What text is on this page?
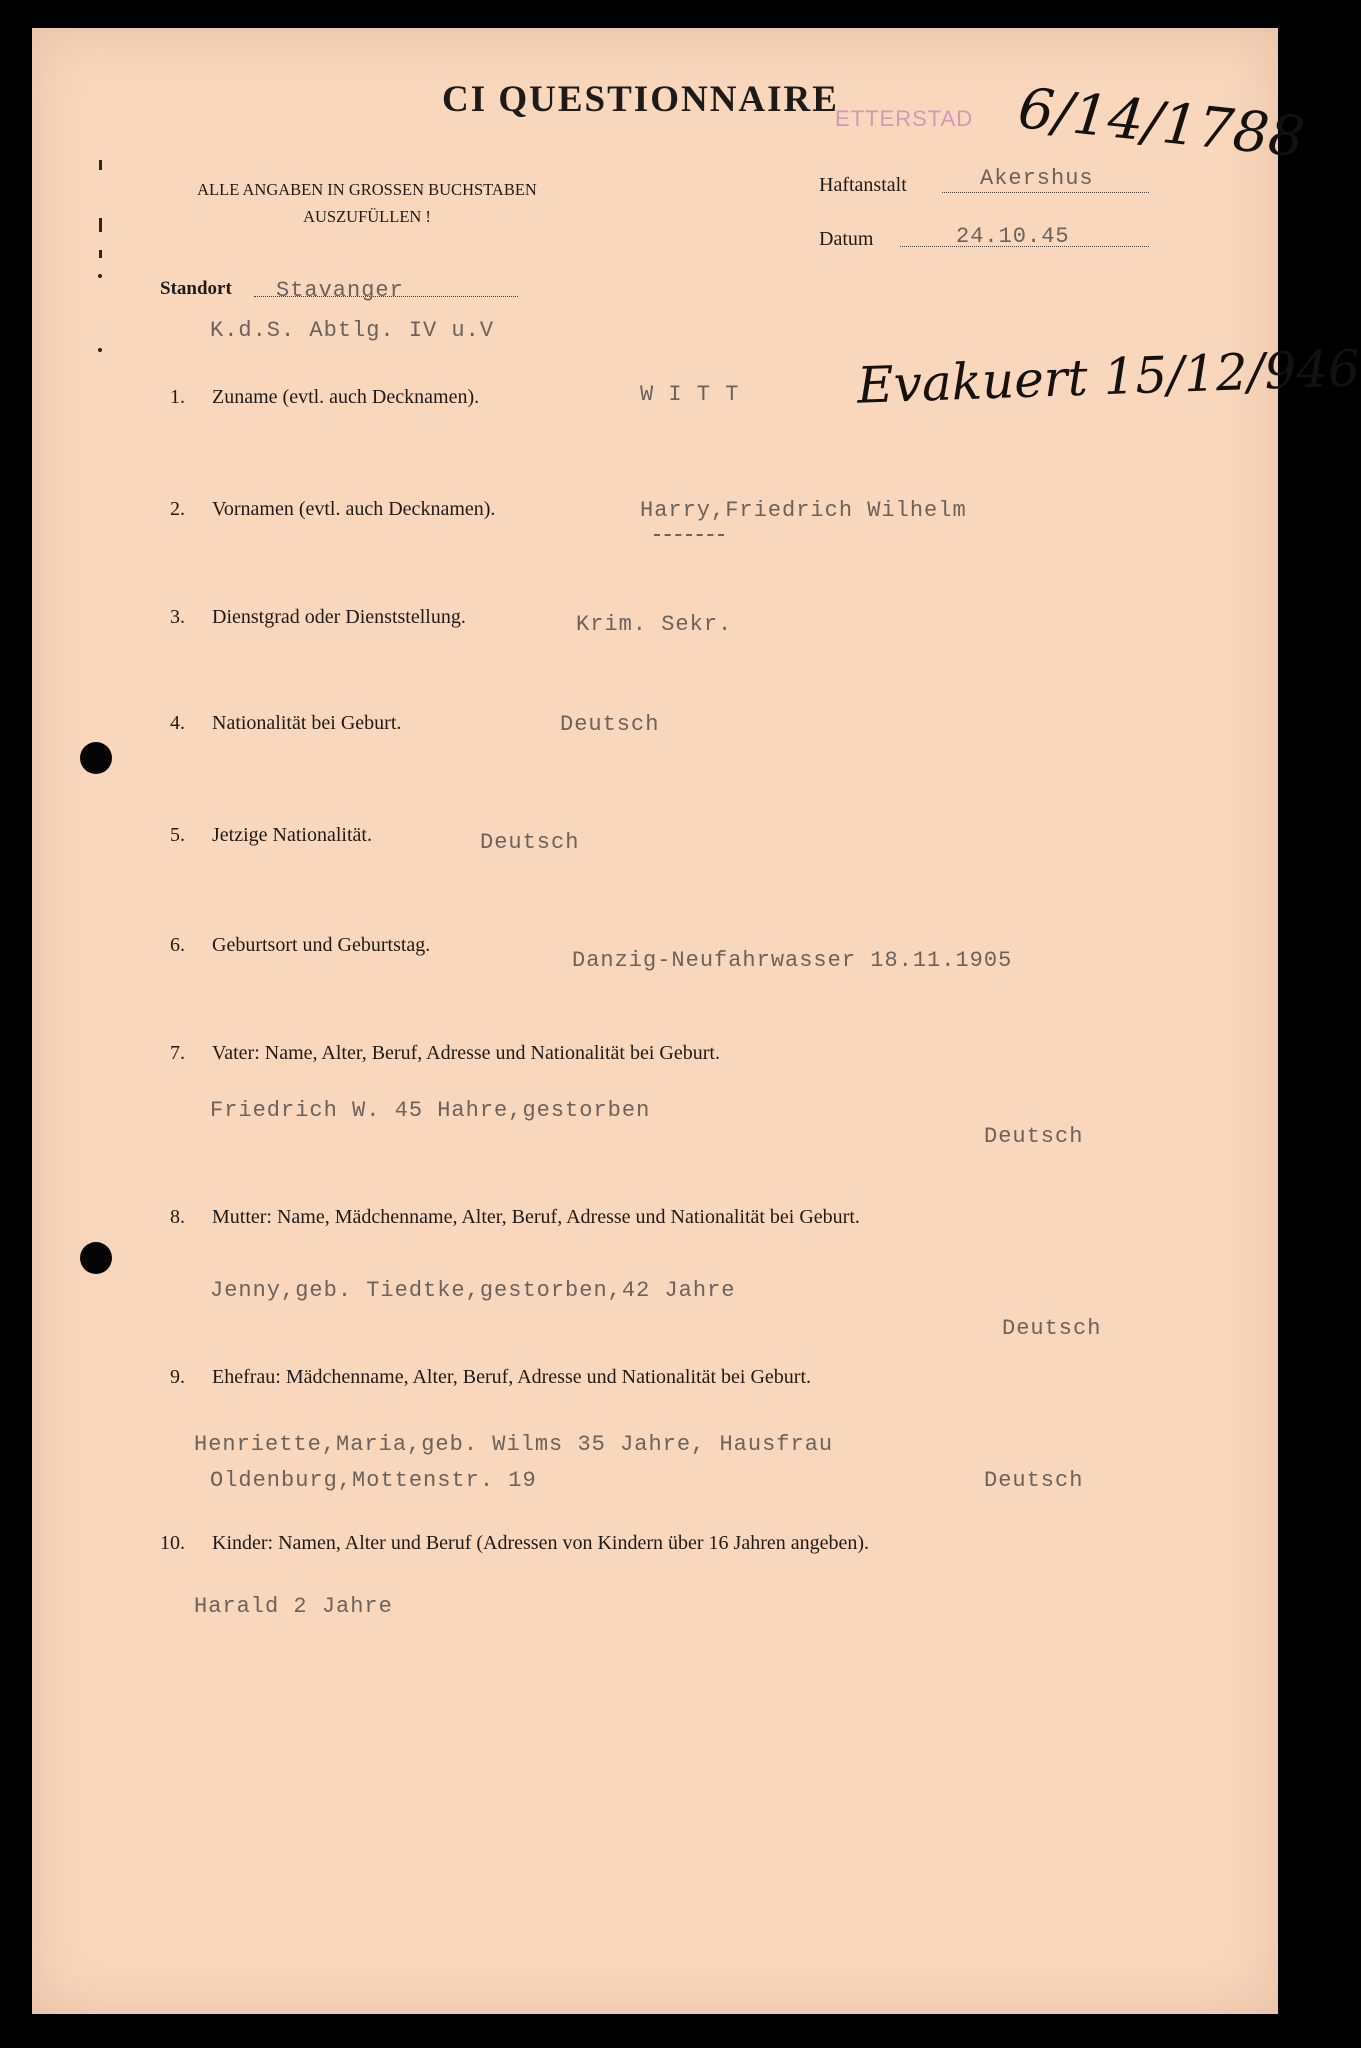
CI QUESTIONNAIRE
ETTERSTAD 6/14/1788
ALLE ANGABEN IN GROSSEN BUCHSTABEN
AUSZUFÜLLEN !
Haftanstalt	Akershus
Datum	24.10.45
Standort Stavanger
K.d.S. Abtlg. IV u.V
Evakuert 15/12/946
1. Zuname (evtl. auch Decknamen).	W I T T
2. Vornamen (evtl. auch Decknamen).	Harry,Friedrich Wilhelm
3. Dienstgrad oder Dienststellung.	Krim. Sekr.
4. Nationalität bei Geburt.	Deutsch
5. Jetzige Nationalität.	Deutsch
6. Geburtsort und Geburtstag.
Danzig-Neufahrwasser 18.11.1905
7. Vater: Name, Alter, Beruf, Adresse und Nationalität bei Geburt.
Friedrich W. 45 Hahre,gestorben
Deutsch
8. Mutter: Name, Mädchenname, Alter, Beruf, Adresse und Nationalität bei Geburt.
Jenny,geb. Tiedtke,gestorben,42 Jahre
Deutsch
9. Ehefrau: Mädchenname, Alter, Beruf, Adresse und Nationalität bei Geburt.
Henriette,Maria,geb. Wilms 35 Jahre, Hausfrau
Oldenburg,Mottenstr. 19	Deutsch
10. Kinder: Namen, Alter und Beruf (Adressen von Kindern über 16 Jahren angeben).
Harald 2 Jahre
